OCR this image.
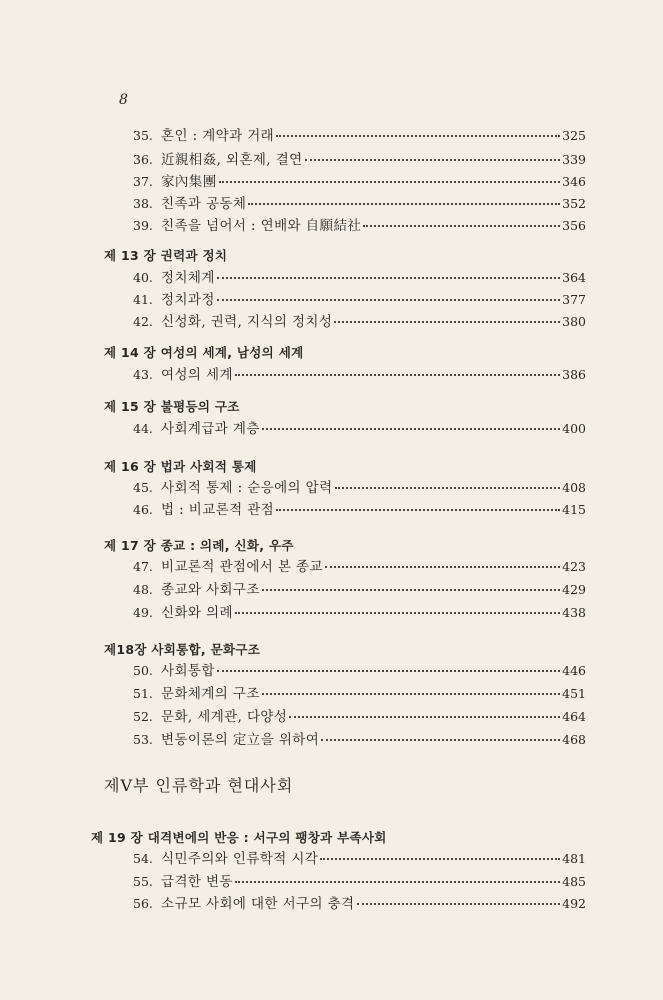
8
35. 혼인 : 계약과 거래	325
36. 近親相姦, 외혼제, 결연	339
37. 家內集團	346
38. 친족과 공동체	352
39. 친족을 넘어서 : 연배와 自願結社	356
제 13 장 권력과 정치
40. 정치체계	364
41. 정치과정	377
42. 신성화, 권력, 지식의 정치성	380
제 14 장 여성의 세계, 남성의 세계
43. 여성의 세계	386
제 15 장 불평등의 구조
44. 사회계급과 계층	400
제 16 장 법과 사회적 통제
45. 사회적 통제 : 순응에의 압력	408
46. 법 : 비교론적 관점	415
제 17 장 종교 : 의례, 신화, 우주
47. 비교론적 관점에서 본 종교	423
48. 종교와 사회구조	429
49. 신화와 의례	438
제18장 사회통합, 문화구조
50. 사회통합	446
51. 문화체계의 구조	451
52. 문화, 세계관, 다양성	464
53. 변동이론의 定立을 위하여	468
제Ⅴ부 인류학과 현대사회
제 19 장 대격변에의 반응 : 서구의 팽창과 부족사회
54. 식민주의와 인류학적 시각	481
55. 급격한 변동	485
56. 소규모 사회에 대한 서구의 충격	492
